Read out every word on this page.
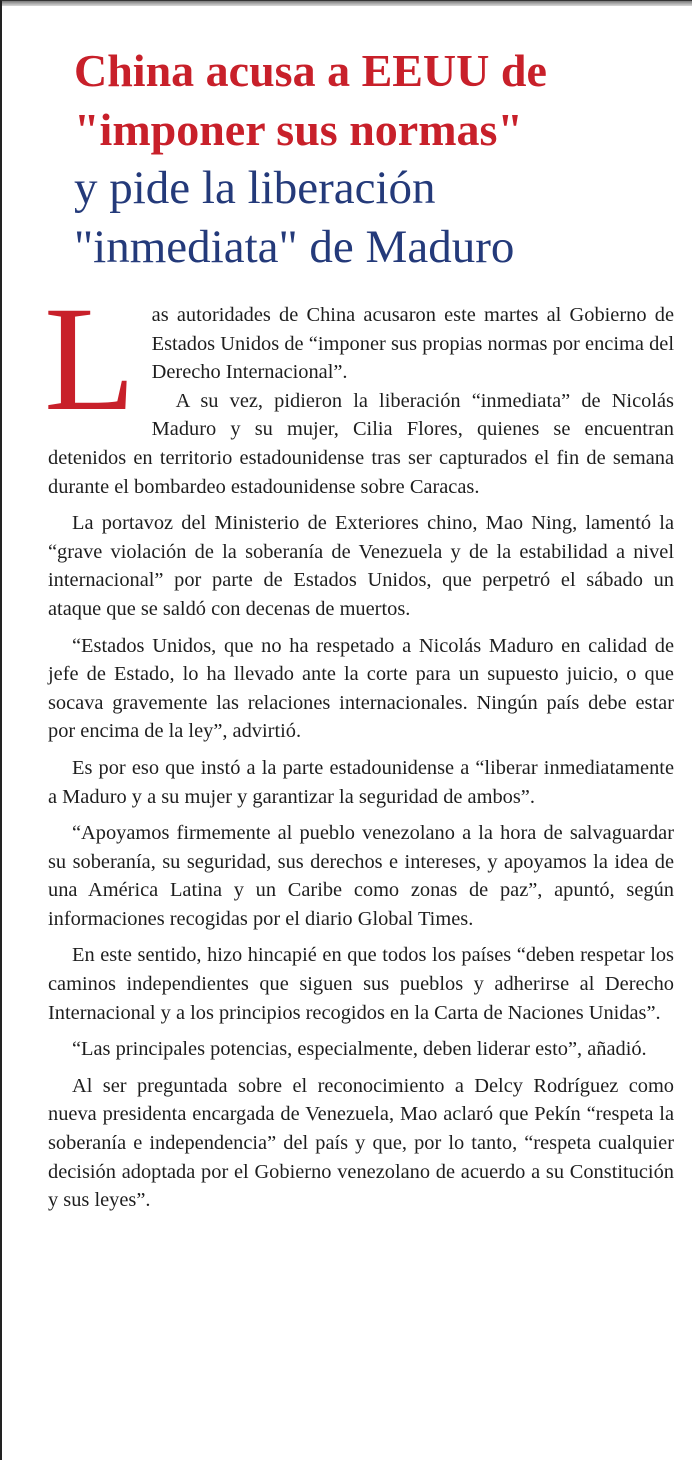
China acusa a EEUU de
"imponer sus normas"
y pide la liberación
"inmediata" de Maduro
L as autoridades de China acusaron este martes al Gobierno de Estados Unidos de “imponer sus propias normas por encima del Derecho Internacional”.

A su vez, pidieron la liberación “inmediata” de Nicolás Maduro y su mujer, Cilia Flores, quienes se encuentran detenidos en territorio estadounidense tras ser capturados el fin de semana durante el bombardeo estadounidense sobre Caracas.

La portavoz del Ministerio de Exteriores chino, Mao Ning, lamentó la “grave violación de la soberanía de Venezuela y de la estabilidad a nivel internacional” por parte de Estados Unidos, que perpetró el sábado un ataque que se saldó con decenas de muertos.

“Estados Unidos, que no ha respetado a Nicolás Maduro en calidad de jefe de Estado, lo ha llevado ante la corte para un supuesto juicio, o que socava gravemente las relaciones internacionales. Ningún país debe estar por encima de la ley”, advirtió.

Es por eso que instó a la parte estadounidense a “liberar inmediatamente a Maduro y a su mujer y garantizar la seguridad de ambos”.

“Apoyamos firmemente al pueblo venezolano a la hora de salvaguardar su soberanía, su seguridad, sus derechos e intereses, y apoyamos la idea de una América Latina y un Caribe como zonas de paz”, apuntó, según informaciones recogidas por el diario Global Times.

En este sentido, hizo hincapié en que todos los países “deben respetar los caminos independientes que siguen sus pueblos y adherirse al Derecho Internacional y a los principios recogidos en la Carta de Naciones Unidas”.

“Las principales potencias, especialmente, deben liderar esto”, añadió.

Al ser preguntada sobre el reconocimiento a Delcy Rodríguez como nueva presidenta encargada de Venezuela, Mao aclaró que Pekín “respeta la soberanía e independencia” del país y que, por lo tanto, “respeta cualquier decisión adoptada por el Gobierno venezolano de acuerdo a su Constitución y sus leyes”.
